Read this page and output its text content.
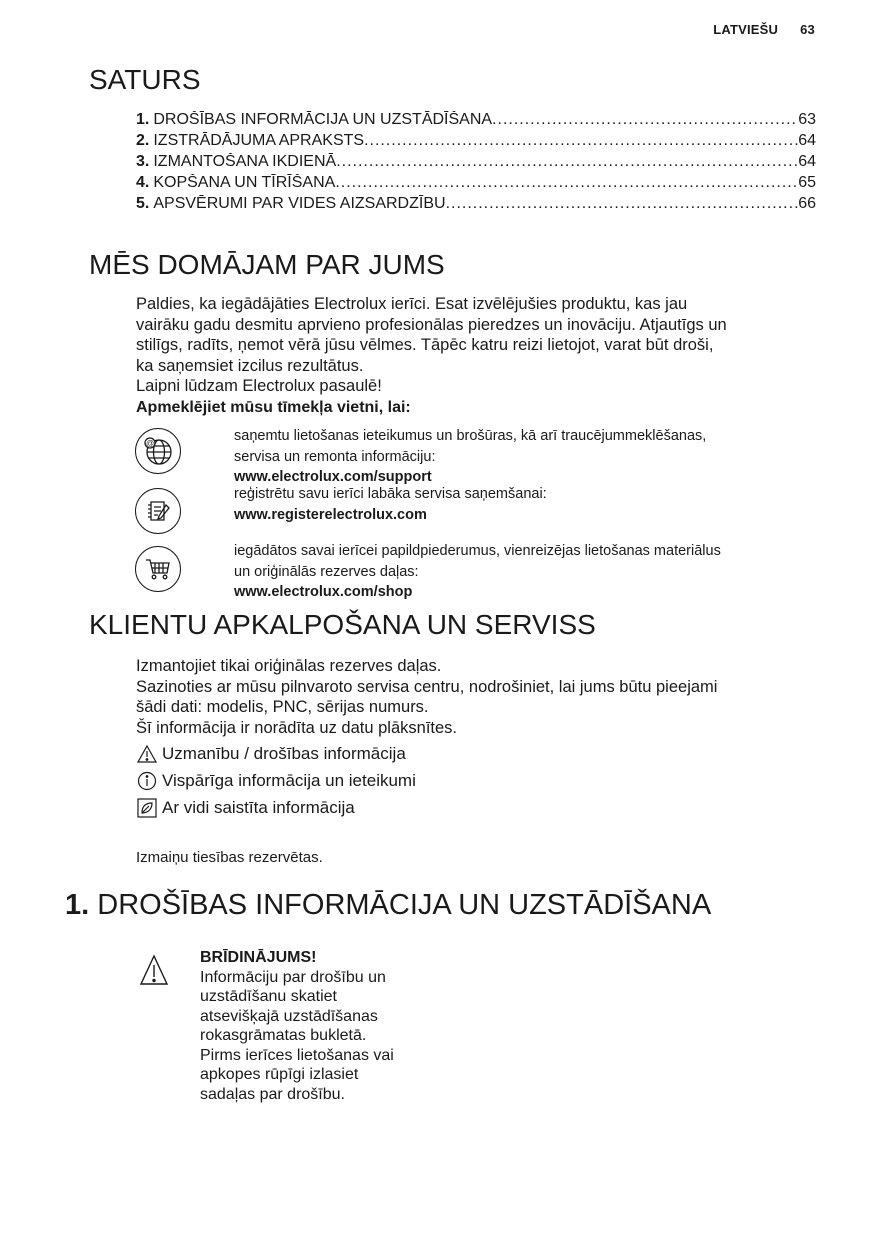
LATVIEŠU 63
SATURS
1. DROŠĪBAS INFORMĀCIJA UN UZSTĀDĪŠANA .....	63
2. IZSTRĀDĀJUMA APRAKSTS .....	64
3. IZMANTOŠANA IKDIENĀ .....	64
4. KOPŠANA UN TĪRĪŠANA .....	65
5. APSVĒRUMI PAR VIDES AIZSARDZĪBU .....	66
MĒS DOMĀJAM PAR JUMS
Paldies, ka iegādājāties Electrolux ierīci. Esat izvēlējušies produktu, kas jau
vairāku gadu desmitu aprvieno profesionālas pieredzes un inovāciju. Atjautīgs un
stilīgs, radīts, ņemot vērā jūsu vēlmes. Tāpēc katru reizi lietojot, varat būt droši,
ka saņemsiet izcilus rezultātus.
Laipni lūdzam Electrolux pasaulē!
Apmeklējiet mūsu tīmekļa vietni, lai:
@	saņemtu lietošanas ieteikumus un brošūras, kā arī traucējummeklēšanas,
servisa un remonta informāciju:
www.electrolux.com/support
reģistrētu savu ierīci labāka servisa saņemšanai:
www.registerelectrolux.com
iegādātos savai ierīcei papildpiederumus, vienreizējas lietošanas materiālus
un oriģinālās rezerves daļas:
www.electrolux.com/shop
KLIENTU APKALPOŠANA UN SERVISS
Izmantojiet tikai oriģinālas rezerves daļas.
Sazinoties ar mūsu pilnvaroto servisa centru, nodrošiniet, lai jums būtu pieejami
šādi dati: modelis, PNC, sērijas numurs.
Šī informācija ir norādīta uz datu plāksnītes.
Uzmanību / drošības informācija
Vispārīga informācija un ieteikumi
Ar vidi saistīta informācija
Izmaiņu tiesības rezervētas.
1. DROŠĪBAS INFORMĀCIJA UN UZSTĀDĪŠANA
BRĪDINĀJUMS!
Informāciju par drošību un
uzstādīšanu skatiet
atsevišķajā uzstādīšanas
rokasgrāmatas bukletā.
Pirms ierīces lietošanas vai
apkopes rūpīgi izlasiet
sadaļas par drošību.
